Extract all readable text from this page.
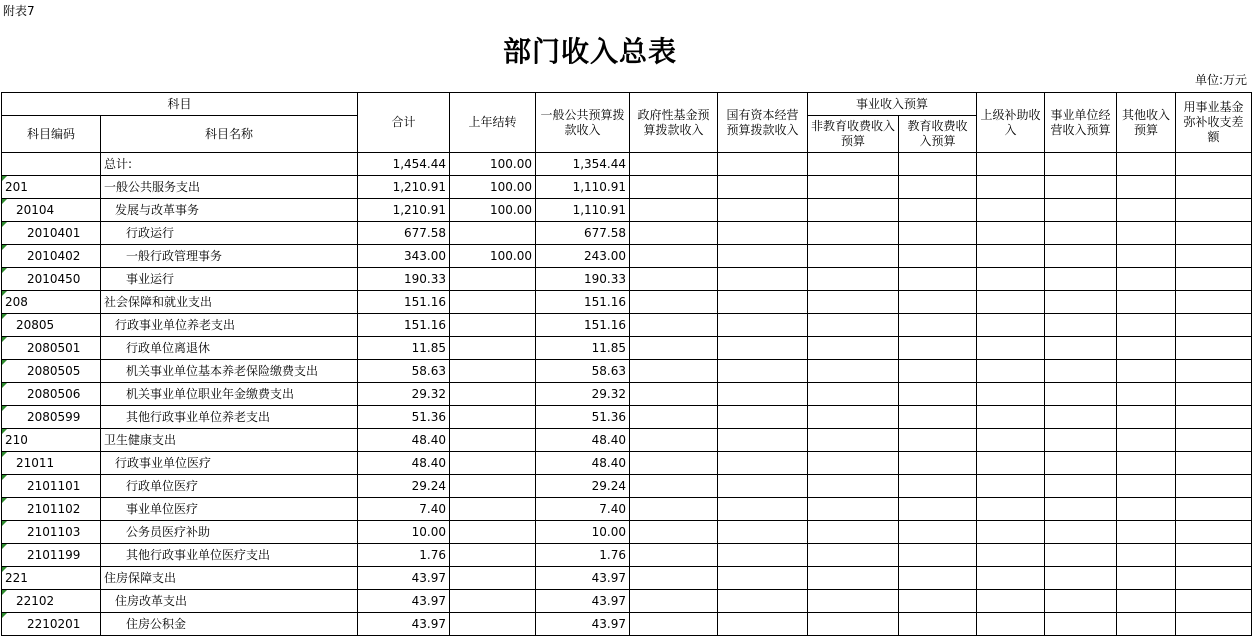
附表7
部门收入总表
单位:万元
科目		合计	上年结转	一般公共预算拨款收入	政府性基金预算拨款收入	国有资本经营预算拨款收入	事业收入预算		上级补助收入	事业单位经营收入预算	其他收入预算	用事业基金弥补收支差额
科目编码	科目名称						非教育收费收入预算	教育收费收入预算				
	总计:	1,454.44	100.00	1,354.44								
201	一般公共服务支出	1,210.91	100.00	1,110.91								
20104	发展与改革事务	1,210.91	100.00	1,110.91								
2010401	行政运行	677.58		677.58								
2010402	一般行政管理事务	343.00	100.00	243.00								
2010450	事业运行	190.33		190.33								
208	社会保障和就业支出	151.16		151.16								
20805	行政事业单位养老支出	151.16		151.16								
2080501	行政单位离退休	11.85		11.85								
2080505	机关事业单位基本养老保险缴费支出	58.63		58.63								
2080506	机关事业单位职业年金缴费支出	29.32		29.32								
2080599	其他行政事业单位养老支出	51.36		51.36								
210	卫生健康支出	48.40		48.40								
21011	行政事业单位医疗	48.40		48.40								
2101101	行政单位医疗	29.24		29.24								
2101102	事业单位医疗	7.40		7.40								
2101103	公务员医疗补助	10.00		10.00								
2101199	其他行政事业单位医疗支出	1.76		1.76								
221	住房保障支出	43.97		43.97								
22102	住房改革支出	43.97		43.97								
2210201	住房公积金	43.97		43.97								
